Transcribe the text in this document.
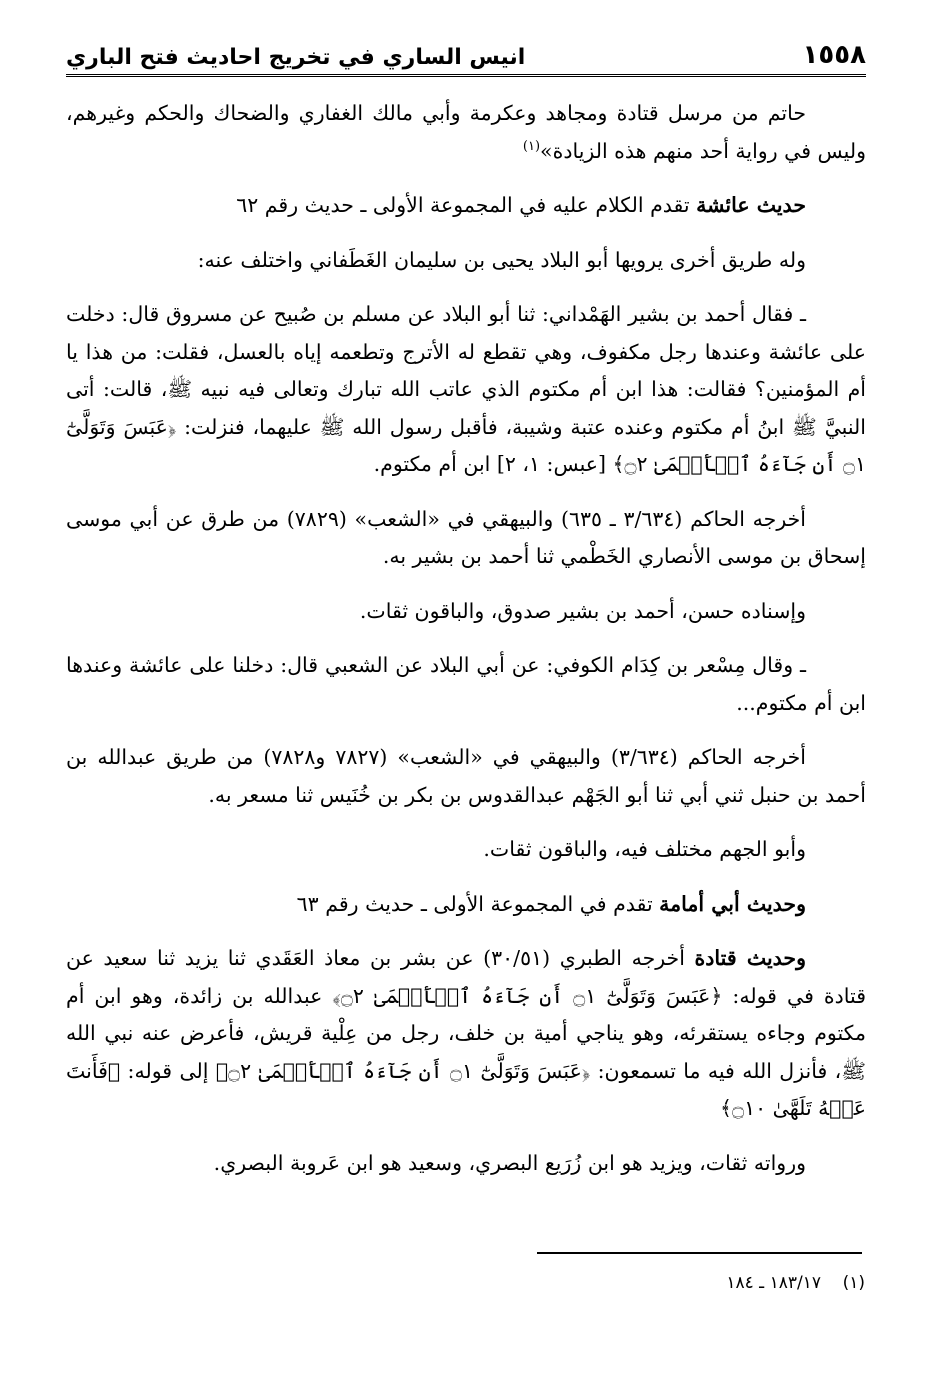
١٥٥٨
انيس الساري في تخريج احاديث فتح الباري

حاتم من مرسل قتادة ومجاهد وعكرمة وأبي مالك الغفاري والضحاك والحكم وغيرهم، وليس في رواية أحد منهم هذه الزيادة»$^{(١)}$

حديث عائشة تقدم الكلام عليه في المجموعة الأولى ـ حديث رقم ٦٢

وله طريق أخرى يرويها أبو البلاد يحيى بن سليمان الغَطَفاني واختلف عنه:

ـ فقال أحمد بن بشير الهَمْداني: ثنا أبو البلاد عن مسلم بن صُبيح عن مسروق قال: دخلت على عائشة وعندها رجل مكفوف، وهي تقطع له الأترج وتطعمه إياه بالعسل، فقلت: من هذا يا أم المؤمنين؟ فقالت: هذا ابن أم مكتوم الذي عاتب الله تبارك وتعالى فيه نبيه ﷺ، قالت: أتى النبيَّ ﷺ ابنُ أم مكتوم وعنده عتبة وشيبة، فأقبل رسول الله ﷺ عليهما، فنزلت: ﴿عَبَسَ وَتَوَلَّىٰٓ ۝١ أَن جَآءَهُ ٱلۡأَعۡمَىٰ ۝٢﴾ [عبس: ١، ٢] ابن أم مكتوم.

أخرجه الحاكم (٣/٦٣٤ ـ ٦٣٥) والبيهقي في «الشعب» (٧٨٢٩) من طرق عن أبي موسى إسحاق بن موسى الأنصاري الخَطْمي ثنا أحمد بن بشير به.

وإسناده حسن، أحمد بن بشير صدوق، والباقون ثقات.

ـ وقال مِسْعر بن كِدَام الكوفي: عن أبي البلاد عن الشعبي قال: دخلنا على عائشة وعندها ابن أم مكتوم...

أخرجه الحاكم (٣/٦٣٤) والبيهقي في «الشعب» (٧٨٢٧ و٧٨٢٨) من طريق عبدالله بن أحمد بن حنبل ثني أبي ثنا أبو الجَهْم عبدالقدوس بن بكر بن خُنَيس ثنا مسعر به.

وأبو الجهم مختلف فيه، والباقون ثقات.

وحديث أبي أمامة تقدم في المجموعة الأولى ـ حديث رقم ٦٣

وحديث قتادة أخرجه الطبري (٣٠/٥١) عن بشر بن معاذ العَقَدي ثنا يزيد ثنا سعيد عن قتادة في قوله: ﴿عَبَسَ وَتَوَلَّىٰٓ ۝١ أَن جَآءَهُ ٱلۡأَعۡمَىٰ ۝٢﴾ عبدالله بن زائدة، وهو ابن أم مكتوم وجاءه يستقرئه، وهو يناجي أمية بن خلف، رجل من عِلْية قريش، فأعرض عنه نبي الله ﷺ، فأنزل الله فيه ما تسمعون: ﴿عَبَسَ وَتَوَلَّىٰٓ ۝١ أَن جَآءَهُ ٱلۡأَعۡمَىٰ ۝٢﴾ إلى قوله: ﴿فَأَنتَ عَنۡهُ تَلَهَّىٰ ۝١٠﴾

ورواته ثقات، ويزيد هو ابن زُرَيع البصري، وسعيد هو ابن عَروبة البصري.

(١)    ١٨٣/١٧ ـ ١٨٤
